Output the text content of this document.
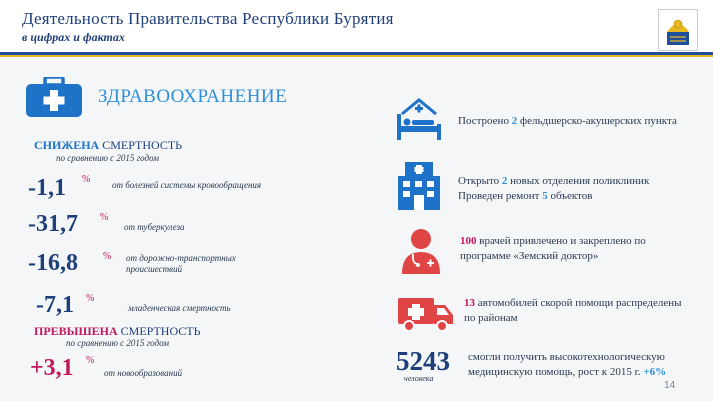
Деятельность Правительства Республики Бурятия
в цифрах и фактах
ЗДРАВООХРАНЕНИЕ
СНИЖЕНА СМЕРТНОСТЬ
по сравнению с 2015 годом
-1,1 % от болезней системы кровообращения
-31,7 %
от туберкулеза
-16,8	% от дорожно-транспортных происшествий
-7,1 %
младенческая смертность
ПРЕВЫШЕНА СМЕРТНОСТЬ
по сравнению с 2015 годом
+3,1 %
от новообразований
Построено 2 фельдшерско-акушерских пункта
Открыто 2 новых отделения поликлиник
Проведен ремонт 5 объектов
100 врачей привлечено и закреплено по программе «Земский доктор»
13 автомобилей скорой помощи распределены по районам
5243
человека
смогли получить высокотехнологическую медицинскую помощь, рост к 2015 г. +6%
14
